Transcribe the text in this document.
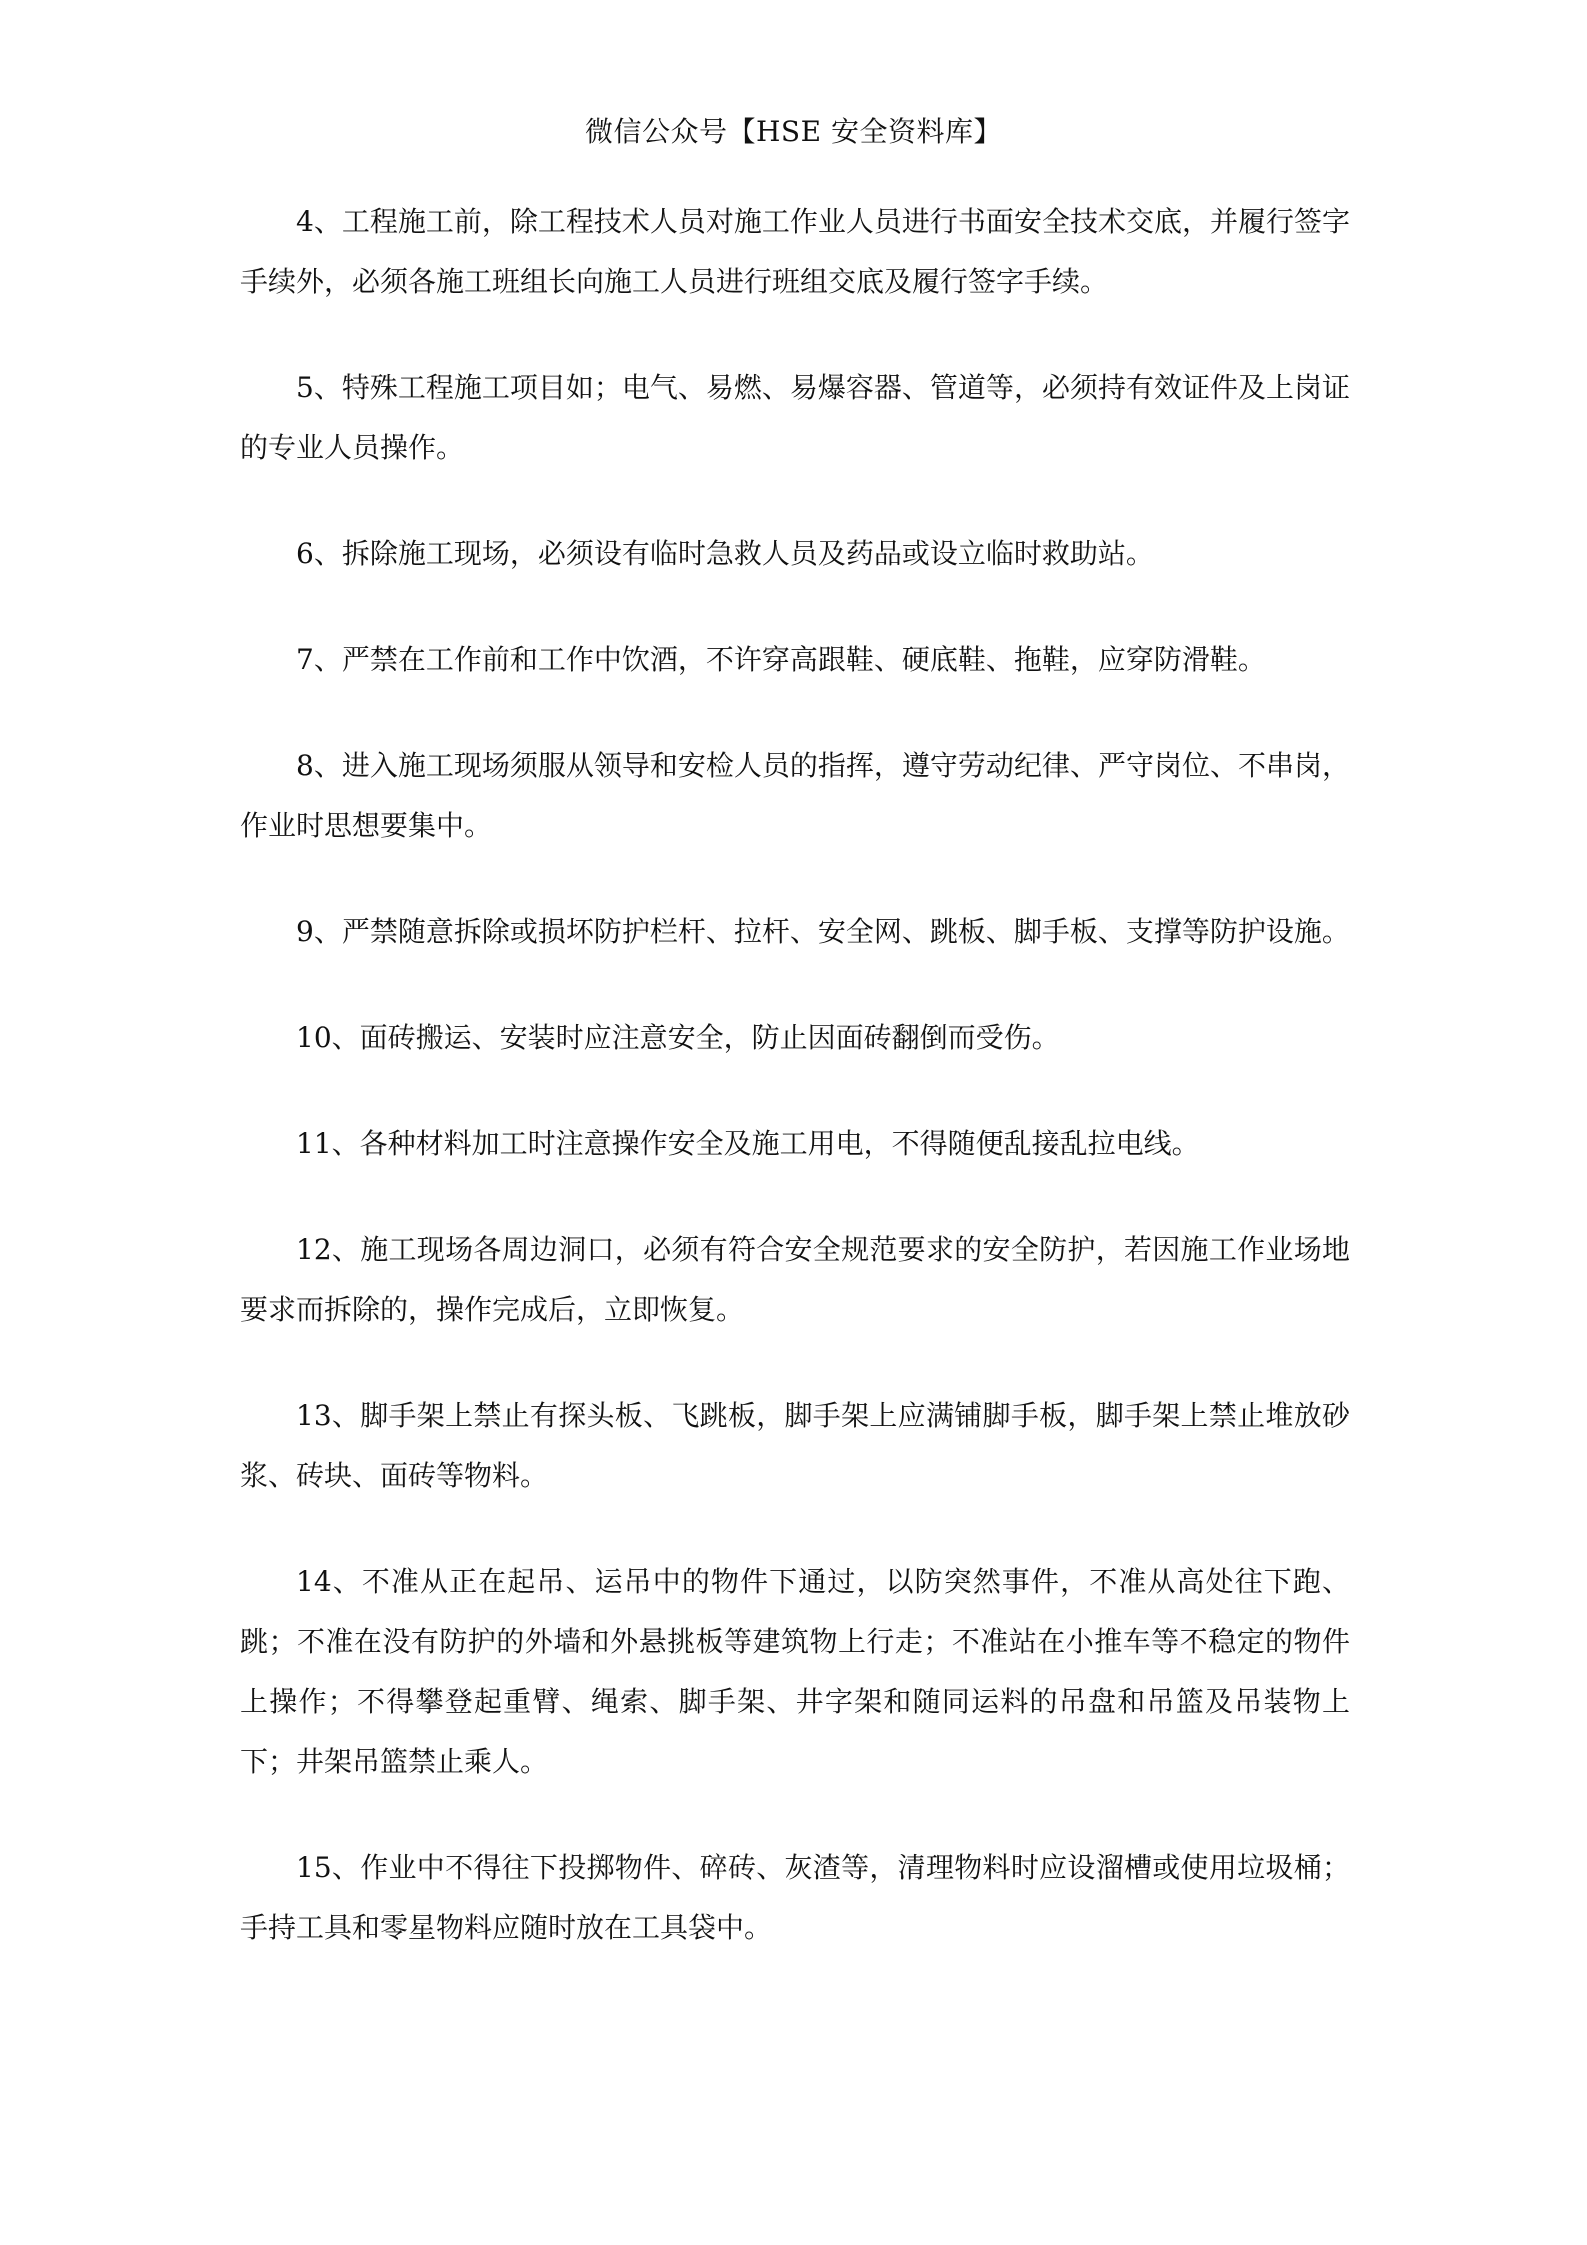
微信公众号【HSE 安全资料库】

4、工程施工前，除工程技术人员对施工作业人员进行书面安全技术交底，并履行签字手续外，必须各施工班组长向施工人员进行班组交底及履行签字手续。

5、特殊工程施工项目如；电气、易燃、易爆容器、管道等，必须持有效证件及上岗证的专业人员操作。

6、拆除施工现场，必须设有临时急救人员及药品或设立临时救助站。

7、严禁在工作前和工作中饮酒，不许穿高跟鞋、硬底鞋、拖鞋，应穿防滑鞋。

8、进入施工现场须服从领导和安检人员的指挥，遵守劳动纪律、严守岗位、不串岗，作业时思想要集中。

9、严禁随意拆除或损坏防护栏杆、拉杆、安全网、跳板、脚手板、支撑等防护设施。

10、面砖搬运、安装时应注意安全，防止因面砖翻倒而受伤。

11、各种材料加工时注意操作安全及施工用电，不得随便乱接乱拉电线。

12、施工现场各周边洞口，必须有符合安全规范要求的安全防护，若因施工作业场地要求而拆除的，操作完成后，立即恢复。

13、脚手架上禁止有探头板、飞跳板，脚手架上应满铺脚手板，脚手架上禁止堆放砂浆、砖块、面砖等物料。

14、不准从正在起吊、运吊中的物件下通过，以防突然事件，不准从高处往下跑、跳；不准在没有防护的外墙和外悬挑板等建筑物上行走；不准站在小推车等不稳定的物件上操作；不得攀登起重臂、绳索、脚手架、井字架和随同运料的吊盘和吊篮及吊装物上下；井架吊篮禁止乘人。

15、作业中不得往下投掷物件、碎砖、灰渣等，清理物料时应设溜槽或使用垃圾桶；手持工具和零星物料应随时放在工具袋中。
